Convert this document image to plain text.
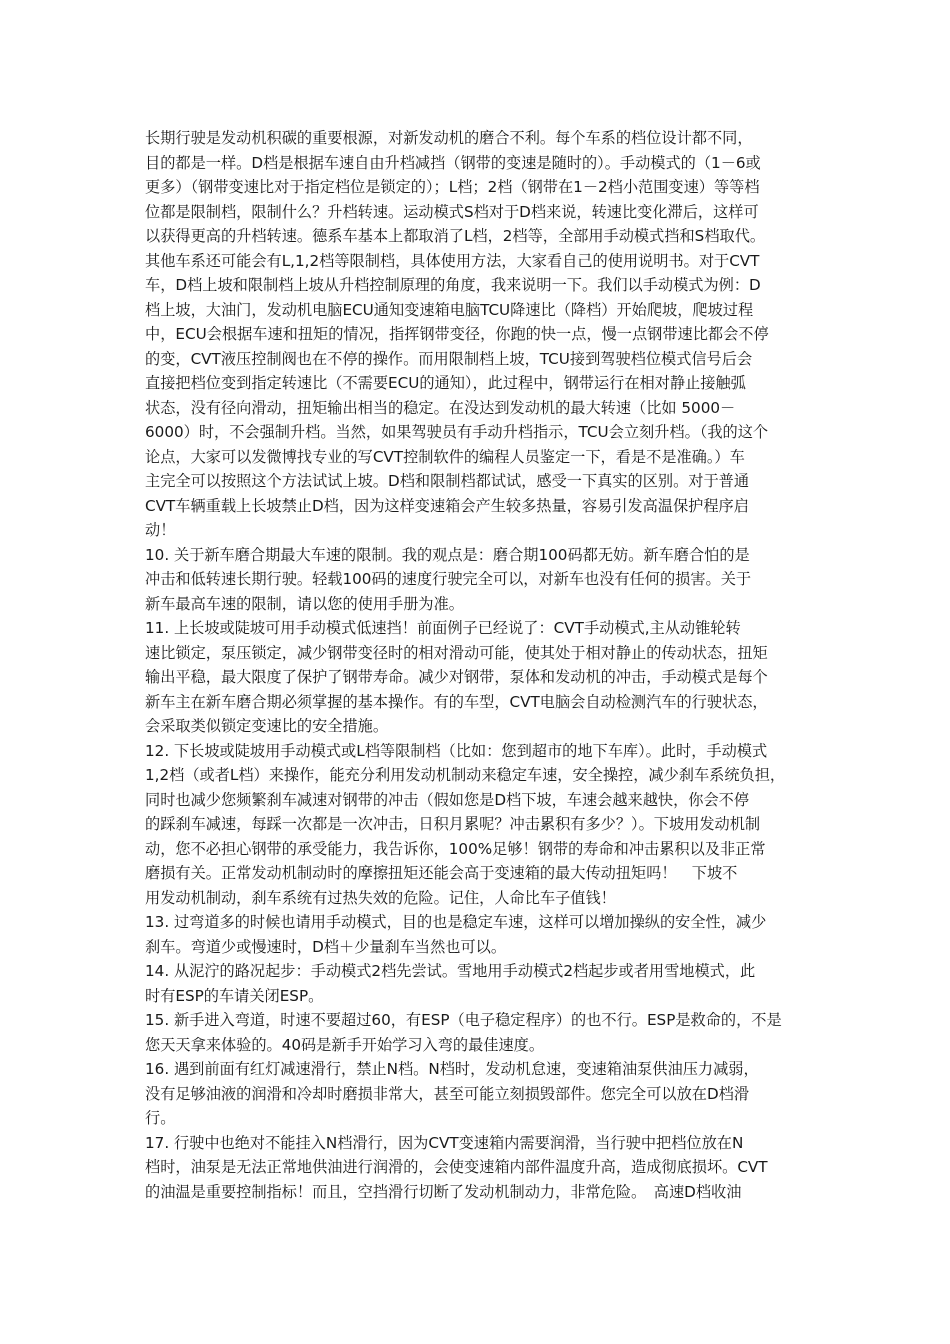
长期行驶是发动机积碳的重要根源，对新发动机的磨合不利。每个车系的档位设计都不同，
目的都是一样。D档是根据车速自由升档减挡（钢带的变速是随时的）。手动模式的（1－6或
更多）（钢带变速比对于指定档位是锁定的）；L档；2档（钢带在1－2档小范围变速）等等档
位都是限制档，限制什么？升档转速。运动模式S档对于D档来说，转速比变化滞后，这样可
以获得更高的升档转速。德系车基本上都取消了L档，2档等，全部用手动模式挡和S档取代。
其他车系还可能会有L,1,2档等限制档，具体使用方法，大家看自己的使用说明书。对于CVT
车，D档上坡和限制档上坡从升档控制原理的角度，我来说明一下。我们以手动模式为例：D
档上坡，大油门，发动机电脑ECU通知变速箱电脑TCU降速比（降档）开始爬坡，爬坡过程
中，ECU会根据车速和扭矩的情况，指挥钢带变径，你跑的快一点，慢一点钢带速比都会不停
的变，CVT液压控制阀也在不停的操作。而用限制档上坡，TCU接到驾驶档位模式信号后会
直接把档位变到指定转速比（不需要ECU的通知），此过程中，钢带运行在相对静止接触弧
状态，没有径向滑动，扭矩输出相当的稳定。在没达到发动机的最大转速（比如 5000－
6000）时，不会强制升档。当然，如果驾驶员有手动升档指示，TCU会立刻升档。（我的这个
论点，大家可以发微博找专业的写CVT控制软件的编程人员鉴定一下，看是不是准确。）车
主完全可以按照这个方法试试上坡。D档和限制档都试试，感受一下真实的区别。对于普通
CVT车辆重载上长坡禁止D档，因为这样变速箱会产生较多热量，容易引发高温保护程序启
动！
10. 关于新车磨合期最大车速的限制。我的观点是：磨合期100码都无妨。新车磨合怕的是
冲击和低转速长期行驶。轻载100码的速度行驶完全可以，对新车也没有任何的损害。关于
新车最高车速的限制，请以您的使用手册为准。
11. 上长坡或陡坡可用手动模式低速挡！前面例子已经说了：CVT手动模式,主从动锥轮转
速比锁定，泵压锁定，减少钢带变径时的相对滑动可能，使其处于相对静止的传动状态，扭矩
输出平稳，最大限度了保护了钢带寿命。减少对钢带，泵体和发动机的冲击，手动模式是每个
新车主在新车磨合期必须掌握的基本操作。有的车型，CVT电脑会自动检测汽车的行驶状态，
会采取类似锁定变速比的安全措施。
12. 下长坡或陡坡用手动模式或L档等限制档（比如：您到超市的地下车库）。此时，手动模式
1,2档（或者L档）来操作，能充分利用发动机制动来稳定车速，安全操控，减少刹车系统负担，
同时也减少您频繁刹车减速对钢带的冲击（假如您是D档下坡，车速会越来越快，你会不停
的踩刹车减速，每踩一次都是一次冲击，日积月累呢？冲击累积有多少？）。下坡用发动机制
动，您不必担心钢带的承受能力，我告诉你，100%足够！钢带的寿命和冲击累积以及非正常
磨损有关。正常发动机制动时的摩擦扭矩还能会高于变速箱的最大传动扭矩吗！　下坡不
用发动机制动，刹车系统有过热失效的危险。记住，人命比车子值钱！
13. 过弯道多的时候也请用手动模式，目的也是稳定车速，这样可以增加操纵的安全性，减少
刹车。弯道少或慢速时，D档＋少量刹车当然也可以。
14. 从泥泞的路况起步：手动模式2档先尝试。雪地用手动模式2档起步或者用雪地模式，此
时有ESP的车请关闭ESP。
15. 新手进入弯道，时速不要超过60，有ESP（电子稳定程序）的也不行。ESP是救命的，不是
您天天拿来体验的。40码是新手开始学习入弯的最佳速度。
16. 遇到前面有红灯减速滑行，禁止N档。N档时，发动机怠速，变速箱油泵供油压力减弱，
没有足够油液的润滑和冷却时磨损非常大，甚至可能立刻损毁部件。您完全可以放在D档滑
行。
17. 行驶中也绝对不能挂入N档滑行，因为CVT变速箱内需要润滑，当行驶中把档位放在N
档时，油泵是无法正常地供油进行润滑的，会使变速箱内部件温度升高，造成彻底损坏。CVT
的油温是重要控制指标！而且，空挡滑行切断了发动机制动力，非常危险。　高速D档收油
